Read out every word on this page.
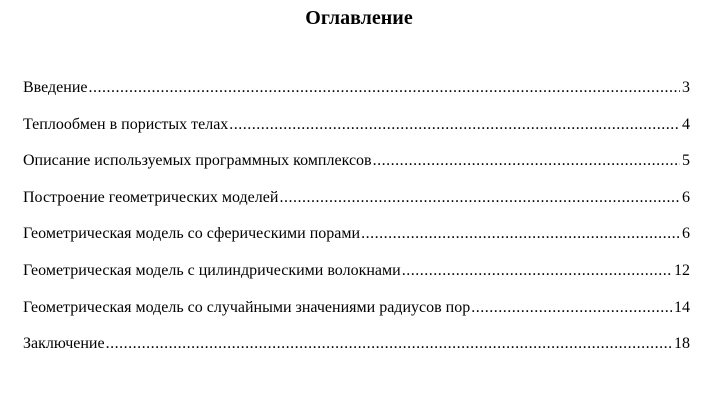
Оглавление
Введение .....	3
Теплообмен в пористых телах .....	4
Описание используемых программных комплексов .....	5
Построение геометрических моделей .....	6
Геометрическая модель со сферическими порами .....	6
Геометрическая модель с цилиндрическими волокнами .....	12
Геометрическая модель со случайными значениями радиусов пор .....	14
Заключение .....	18
